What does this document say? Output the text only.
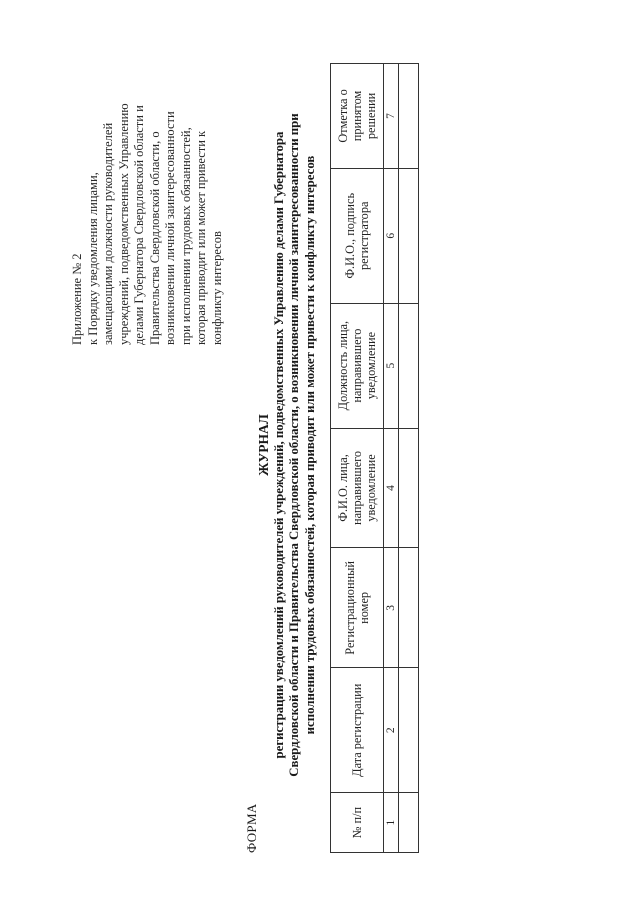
Приложение № 2 к Порядку уведомления лицами, замещающими должности руководителей учреждений, подведомственных Управлению делами Губернатора Свердловской области и Правительства Свердловской области, о возникновении личной заинтересованности при исполнении трудовых обязанностей, которая приводит или может привести к конфликту интересов
ФОРМА
ЖУРНАЛ регистрации уведомлений руководителей учреждений, подведомственных Управлению делами Губернатора Свердловской области и Правительства Свердловской области, о возникновении личной заинтересованности при исполнении трудовых обязанностей, которая приводит или может привести к конфликту интересов
№ п/п	Дата регистрации	Регистрационный номер	Ф.И.О. лица, направившего уведомление	Должность лица, направившего уведомление	Ф.И.О., подпись регистратора	Отметка о принятом решении
1	2	3	4	5	6	7
